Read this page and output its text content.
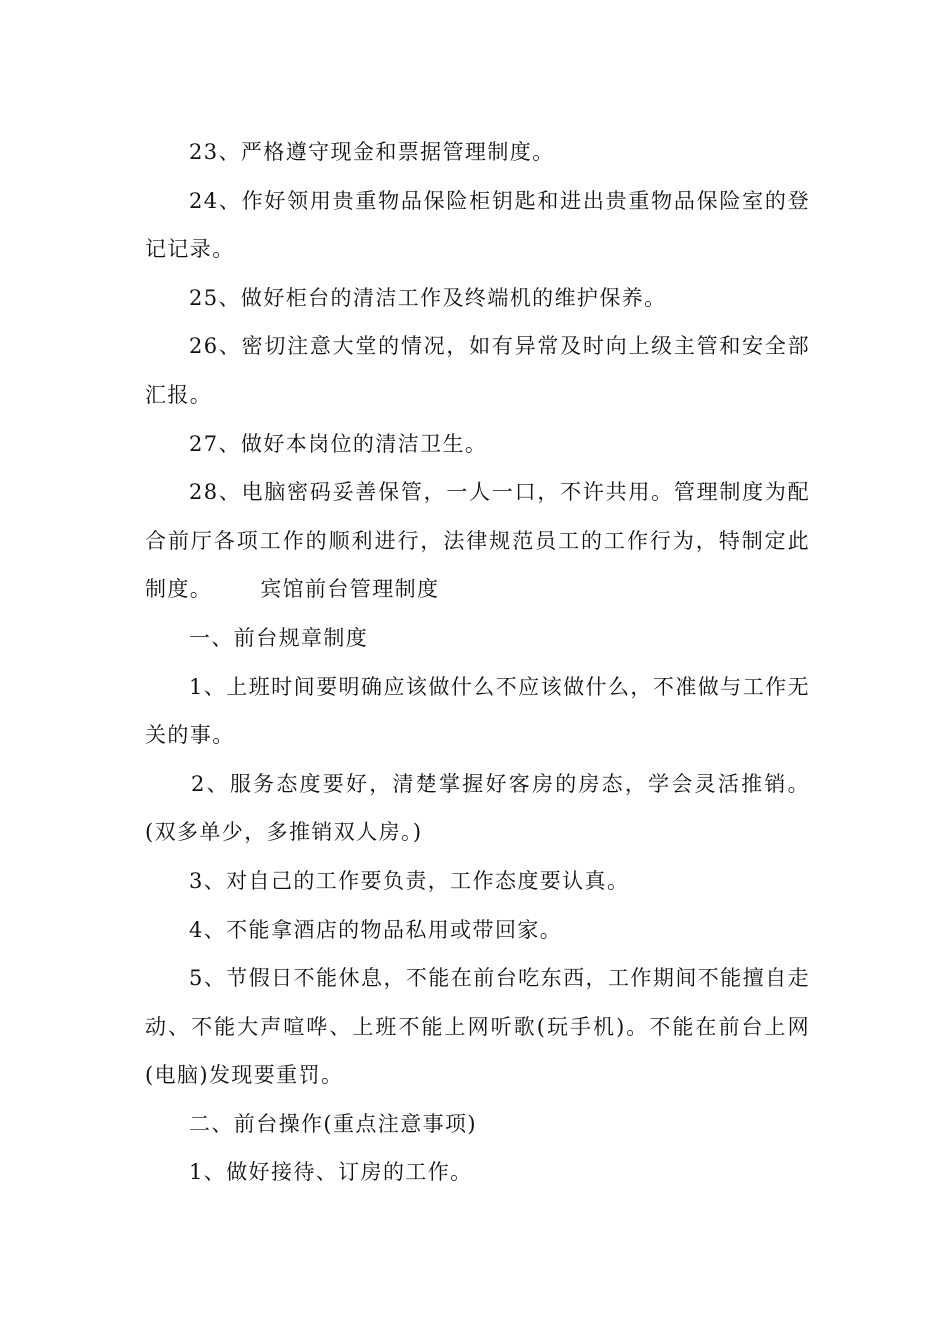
23、严格遵守现金和票据管理制度。

24、作好领用贵重物品保险柜钥匙和进出贵重物品保险室的登记记录。

25、做好柜台的清洁工作及终端机的维护保养。

26、密切注意大堂的情况，如有异常及时向上级主管和安全部汇报。

27、做好本岗位的清洁卫生。

28、电脑密码妥善保管，一人一口，不许共用。管理制度为配合前厅各项工作的顺利进行，法律规范员工的工作行为，特制定此制度。 宾馆前台管理制度

一、前台规章制度

1、上班时间要明确应该做什么不应该做什么，不准做与工作无关的事。

2、服务态度要好，清楚掌握好客房的房态，学会灵活推销。(双多单少，多推销双人房。)

3、对自己的工作要负责，工作态度要认真。

4、不能拿酒店的物品私用或带回家。

5、节假日不能休息，不能在前台吃东西，工作期间不能擅自走动、不能大声喧哗、上班不能上网听歌(玩手机)。不能在前台上网(电脑)发现要重罚。

二、前台操作(重点注意事项)

1、做好接待、订房的工作。
